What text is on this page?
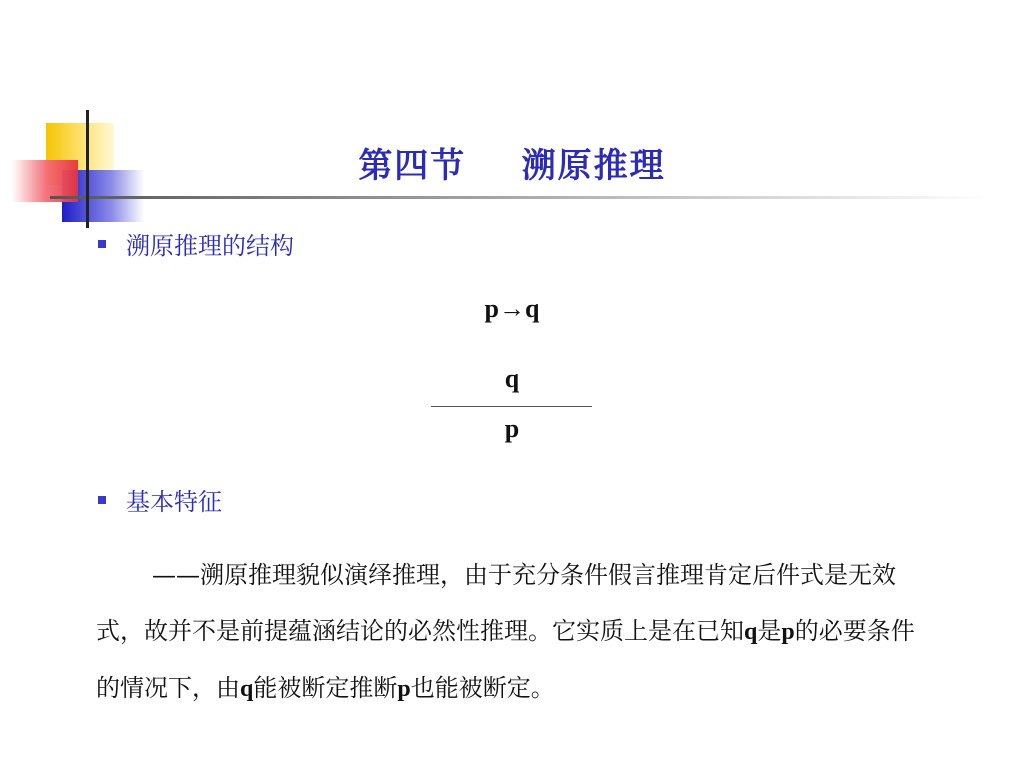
第四节    溯原推理
溯原推理的结构
p→q
q
p
基本特征

——溯原推理貌似演绎推理，由于充分条件假言推理肯定后件式是无效式，故并不是前提蕴涵结论的必然性推理。它实质上是在已知q是p的必要条件的情况下，由q能被断定推断p也能被断定。
